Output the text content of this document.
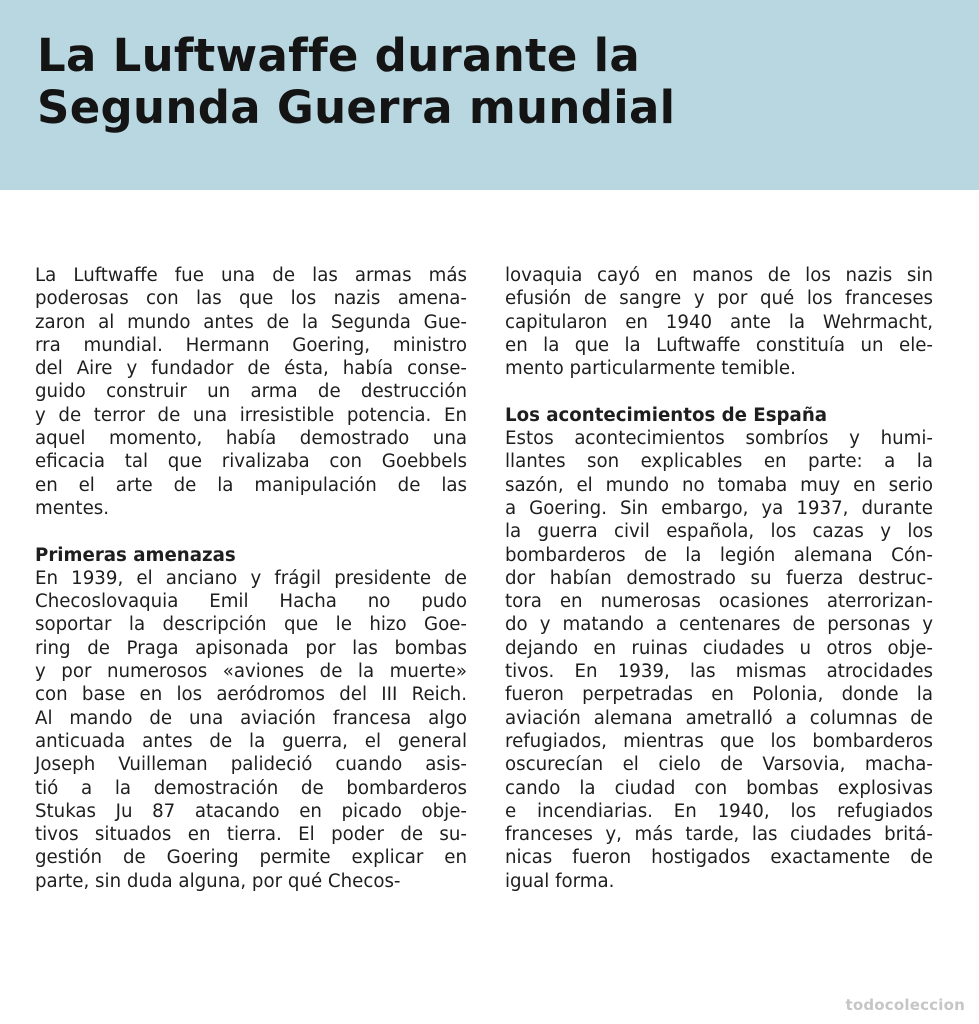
La Luftwaffe durante la
Segunda Guerra mundial
La Luftwaffe fue una de las armas más
poderosas con las que los nazis amena-
zaron al mundo antes de la Segunda Gue-
rra mundial. Hermann Goering, ministro
del Aire y fundador de ésta, había conse-
guido construir un arma de destrucción
y de terror de una irresistible potencia. En
aquel momento, había demostrado una
eficacia tal que rivalizaba con Goebbels
en el arte de la manipulación de las
mentes.
Primeras amenazas
En 1939, el anciano y frágil presidente de
Checoslovaquia Emil Hacha no pudo
soportar la descripción que le hizo Goe-
ring de Praga apisonada por las bombas
y por numerosos «aviones de la muerte»
con base en los aeródromos del III Reich.
Al mando de una aviación francesa algo
anticuada antes de la guerra, el general
Joseph Vuilleman palideció cuando asis-
tió a la demostración de bombarderos
Stukas Ju 87 atacando en picado obje-
tivos situados en tierra. El poder de su-
gestión de Goering permite explicar en
parte, sin duda alguna, por qué Checos-
lovaquia cayó en manos de los nazis sin
efusión de sangre y por qué los franceses
capitularon en 1940 ante la Wehrmacht,
en la que la Luftwaffe constituía un ele-
mento particularmente temible.
Los acontecimientos de España
Estos acontecimientos sombríos y humi-
llantes son explicables en parte: a la
sazón, el mundo no tomaba muy en serio
a Goering. Sin embargo, ya 1937, durante
la guerra civil española, los cazas y los
bombarderos de la legión alemana Cón-
dor habían demostrado su fuerza destruc-
tora en numerosas ocasiones aterrorizan-
do y matando a centenares de personas y
dejando en ruinas ciudades u otros obje-
tivos. En 1939, las mismas atrocidades
fueron perpetradas en Polonia, donde la
aviación alemana ametralló a columnas de
refugiados, mientras que los bombarderos
oscurecían el cielo de Varsovia, macha-
cando la ciudad con bombas explosivas
e incendiarias. En 1940, los refugiados
franceses y, más tarde, las ciudades britá-
nicas fueron hostigados exactamente de
igual forma.
todocoleccion
